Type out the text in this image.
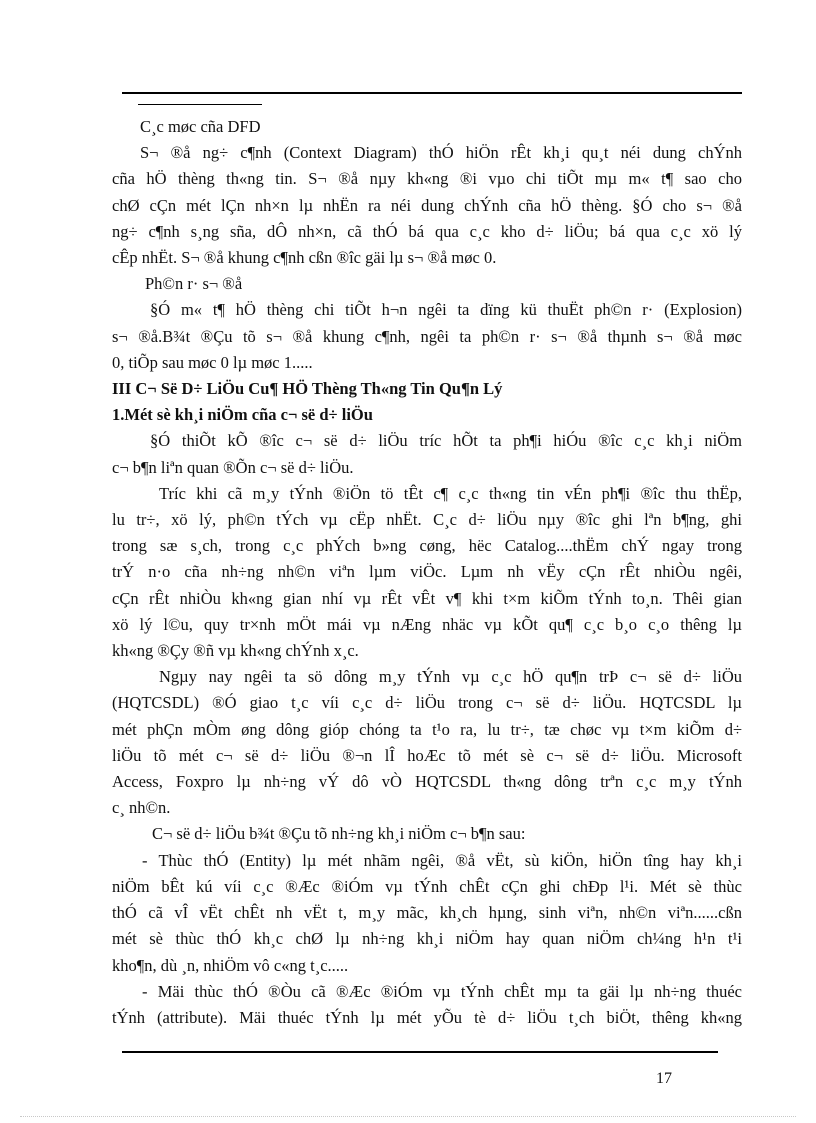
C¸c møc cña DFD

S¬ ®å ng÷ c¶nh (Context Diagram) thÓ hiÖn rÊt kh¸i qu¸t néi dung chÝnh

cña hÖ thèng th«ng tin. S¬ ®å nµy kh«ng ®i vµo chi tiÕt mµ m« t¶ sao cho

chØ cÇn mét lÇn nh×n lµ nhËn ra néi dung chÝnh cña hÖ thèng. §Ó cho s¬ ®å

ng÷ c¶nh s¸ng sña, dÔ nh×n, cã thÓ bá qua c¸c kho d÷ liÖu; bá qua c¸c xö lý

cÊp nhËt. S¬ ®å khung c¶nh cßn ®îc gäi lµ s¬ ®å møc 0.

Ph©n r· s¬ ®å

§Ó m« t¶ hÖ thèng chi tiÕt h¬n ngêi ta dïng kü thuËt ph©n r· (Explosion)

s¬ ®å.B¾t ®Çu tõ s¬ ®å khung c¶nh, ngêi ta ph©n r· s¬ ®å thµnh s¬ ®å møc

0, tiÕp sau møc 0 lµ møc 1.....

III C¬ Së D÷ LiÖu Cu¶ HÖ Thèng Th«ng Tin Qu¶n Lý

1.Mét sè kh¸i niÖm cña c¬ së d÷ liÖu

§Ó thiÕt kÕ ®îc c¬ së d÷ liÖu tríc hÕt ta ph¶i hiÓu ®îc c¸c kh¸i niÖm

c¬ b¶n liªn quan ®Õn c¬ së d÷ liÖu.

Tríc khi cã m¸y tÝnh ®iÖn tö tÊt c¶ c¸c th«ng tin vÉn ph¶i ®îc thu thËp,

lu tr÷, xö lý, ph©n tÝch vµ cËp nhËt. C¸c d÷ liÖu nµy ®îc ghi lªn b¶ng, ghi

trong sæ s¸ch, trong c¸c phÝch b»ng cøng, hëc Catalog....thËm chÝ ngay trong

trÝ n·o cña nh÷ng nh©n viªn lµm viÖc. Lµm nh vËy cÇn rÊt nhiÒu ngêi,

cÇn rÊt nhiÒu kh«ng gian nhí vµ rÊt vÊt v¶ khi t×m kiÕm tÝnh to¸n. Thêi gian

xö lý l©u, quy tr×nh mÖt mái vµ nÆng nhäc vµ kÕt qu¶ c¸c b¸o c¸o thêng lµ

kh«ng ®Çy ®ñ vµ kh«ng chÝnh x¸c.

Ngµy nay ngêi ta sö dông m¸y tÝnh vµ c¸c hÖ qu¶n trÞ c¬ së d÷ liÖu

(HQTCSDL) ®Ó giao t¸c víi c¸c d÷ liÖu trong c¬ së d÷ liÖu. HQTCSDL lµ

mét phÇn mÒm øng dông gióp chóng ta t¹o ra, lu tr÷, tæ chøc vµ t×m kiÕm d÷

liÖu tõ mét c¬ së d÷ liÖu ®¬n lÎ hoÆc tõ mét sè c¬ së d÷ liÖu. Microsoft

Access, Foxpro lµ nh÷ng vÝ dô vÒ HQTCSDL th«ng dông trªn c¸c m¸y tÝnh

c¸ nh©n.

C¬ së d÷ liÖu b¾t ®Çu tõ nh÷ng kh¸i niÖm c¬ b¶n sau:

- Thùc thÓ (Entity) lµ mét nhãm ngêi, ®å vËt, sù kiÖn, hiÖn tîng hay kh¸i

niÖm bÊt kú víi c¸c ®Æc ®iÓm vµ tÝnh chÊt cÇn ghi chÐp l¹i. Mét sè thùc

thÓ cã vÎ vËt chÊt nh vËt t, m¸y mãc, kh¸ch hµng, sinh viªn, nh©n viªn......cßn

mét sè thùc thÓ kh¸c chØ lµ nh÷ng kh¸i niÖm hay quan niÖm ch¼ng h¹n t¹i

kho¶n, dù ¸n, nhiÖm vô c«ng t¸c.....

- Mäi thùc thÓ ®Òu cã ®Æc ®iÓm vµ tÝnh chÊt mµ ta gäi lµ nh÷ng thuéc

tÝnh (attribute). Mäi thuéc tÝnh lµ mét yÕu tè d÷ liÖu t¸ch biÖt, thêng kh«ng

17
